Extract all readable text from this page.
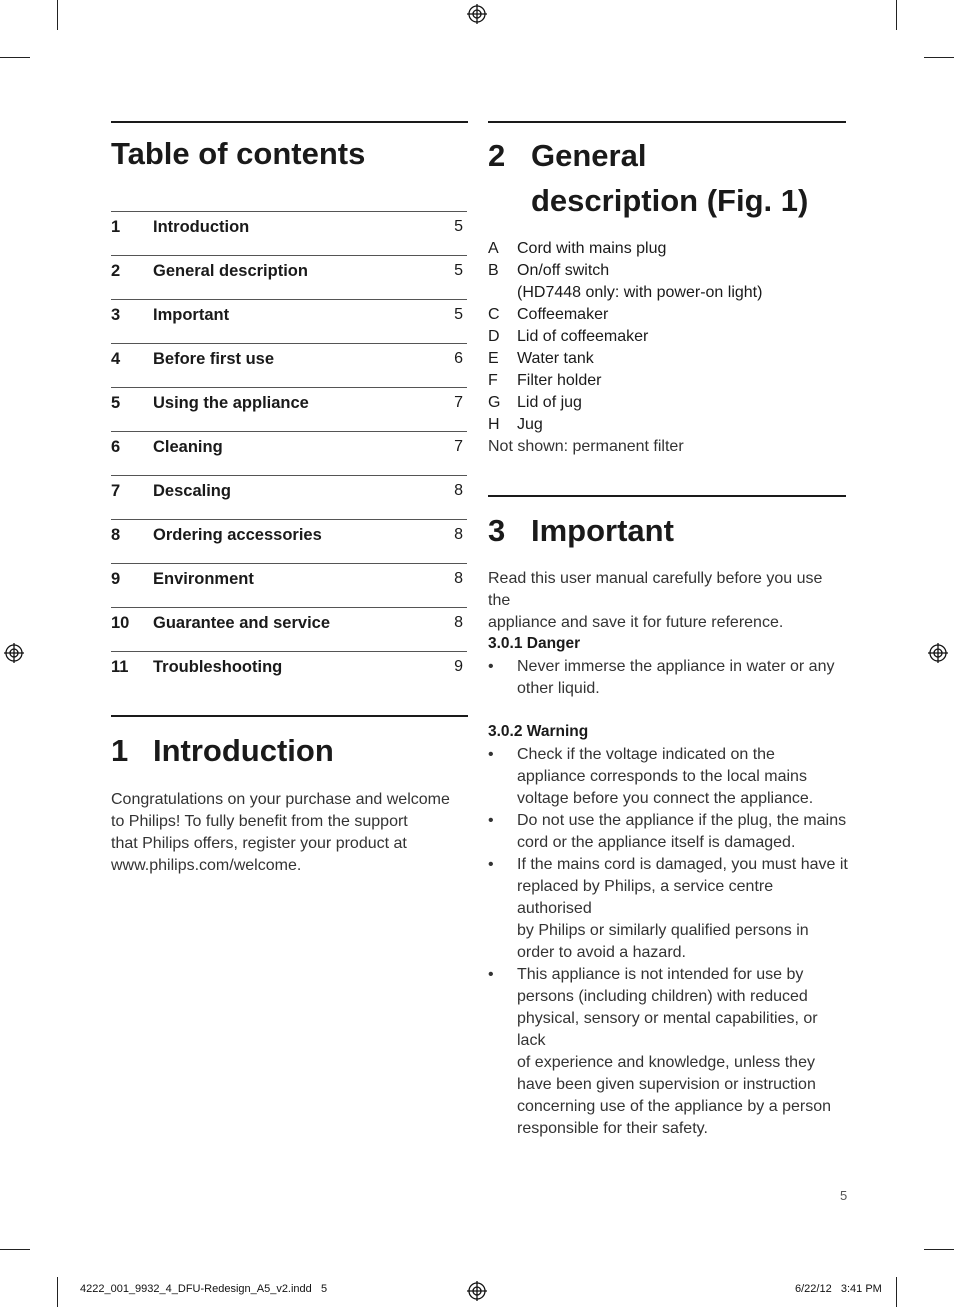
Table of contents
1 Introduction	5
2 General description	5
3 Important	5
4 Before first use	6
5 Using the appliance	7
6 Cleaning	7
7 Descaling	8
8 Ordering accessories	8
9 Environment	8
10 Guarantee and service	8
11 Troubleshooting	9
1 Introduction
Congratulations on your purchase and welcome
to Philips! To fully benefit from the support
that Philips offers, register your product at
www.philips.com/welcome.
2 General
description (Fig. 1)
A Cord with mains plug
B On/off switch
(HD7448 only: with power-on light)
C Coffeemaker
D Lid of coffeemaker
E Water tank
F Filter holder
G Lid of jug
H Jug
Not shown: permanent filter
3 Important
Read this user manual carefully before you use the
appliance and save it for future reference.
3.0.1 Danger
• Never immerse the appliance in water or any
other liquid.
3.0.2 Warning
• Check if the voltage indicated on the
appliance corresponds to the local mains
voltage before you connect the appliance.
• Do not use the appliance if the plug, the mains
cord or the appliance itself is damaged.
• If the mains cord is damaged, you must have it
replaced by Philips, a service centre authorised
by Philips or similarly qualified persons in
order to avoid a hazard.
• This appliance is not intended for use by
persons (including children) with reduced
physical, sensory or mental capabilities, or lack
of experience and knowledge, unless they
have been given supervision or instruction
concerning use of the appliance by a person
responsible for their safety.
5
4222_001_9932_4_DFU-Redesign_A5_v2.indd   5	6/22/12   3:41 PM
